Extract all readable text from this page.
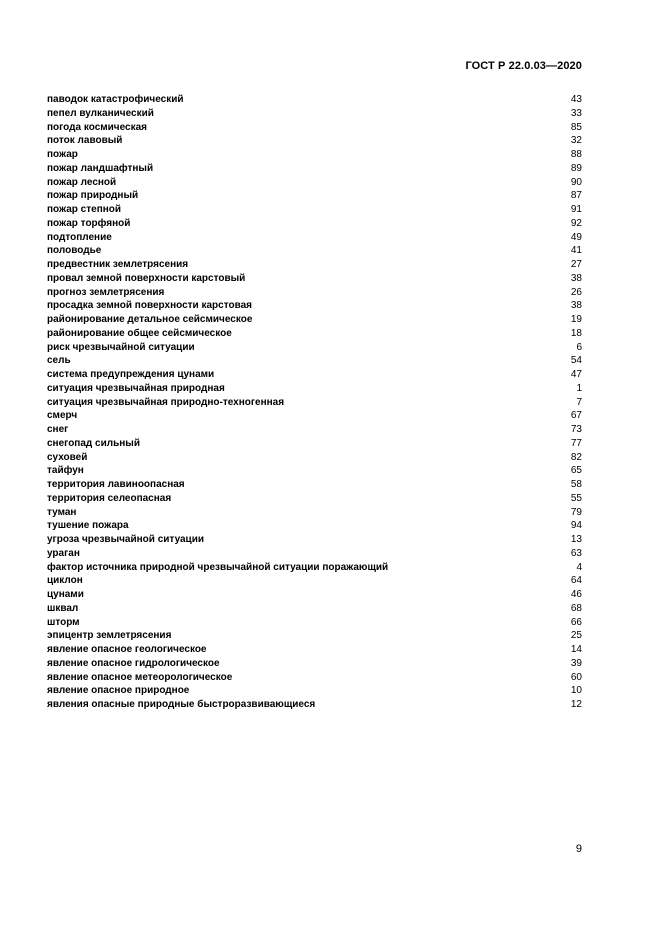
ГОСТ Р 22.0.03—2020
паводок катастрофический	43
пепел вулканический	33
погода космическая	85
поток лавовый	32
пожар	88
пожар ландшафтный	89
пожар лесной	90
пожар природный	87
пожар степной	91
пожар торфяной	92
подтопление	49
половодье	41
предвестник землетрясения	27
провал земной поверхности карстовый	38
прогноз землетрясения	26
просадка земной поверхности карстовая	38
районирование детальное сейсмическое	19
районирование общее сейсмическое	18
риск чрезвычайной ситуации	6
сель	54
система предупреждения цунами	47
ситуация чрезвычайная природная	1
ситуация чрезвычайная природно-техногенная	7
смерч	67
снег	73
снегопад сильный	77
суховей	82
тайфун	65
территория лавиноопасная	58
территория селеопасная	55
туман	79
тушение пожара	94
угроза чрезвычайной ситуации	13
ураган	63
фактор источника природной чрезвычайной ситуации поражающий	4
циклон	64
цунами	46
шквал	68
шторм	66
эпицентр землетрясения	25
явление опасное геологическое	14
явление опасное гидрологическое	39
явление опасное метеорологическое	60
явление опасное природное	10
явления опасные природные быстроразвивающиеся	12
9
